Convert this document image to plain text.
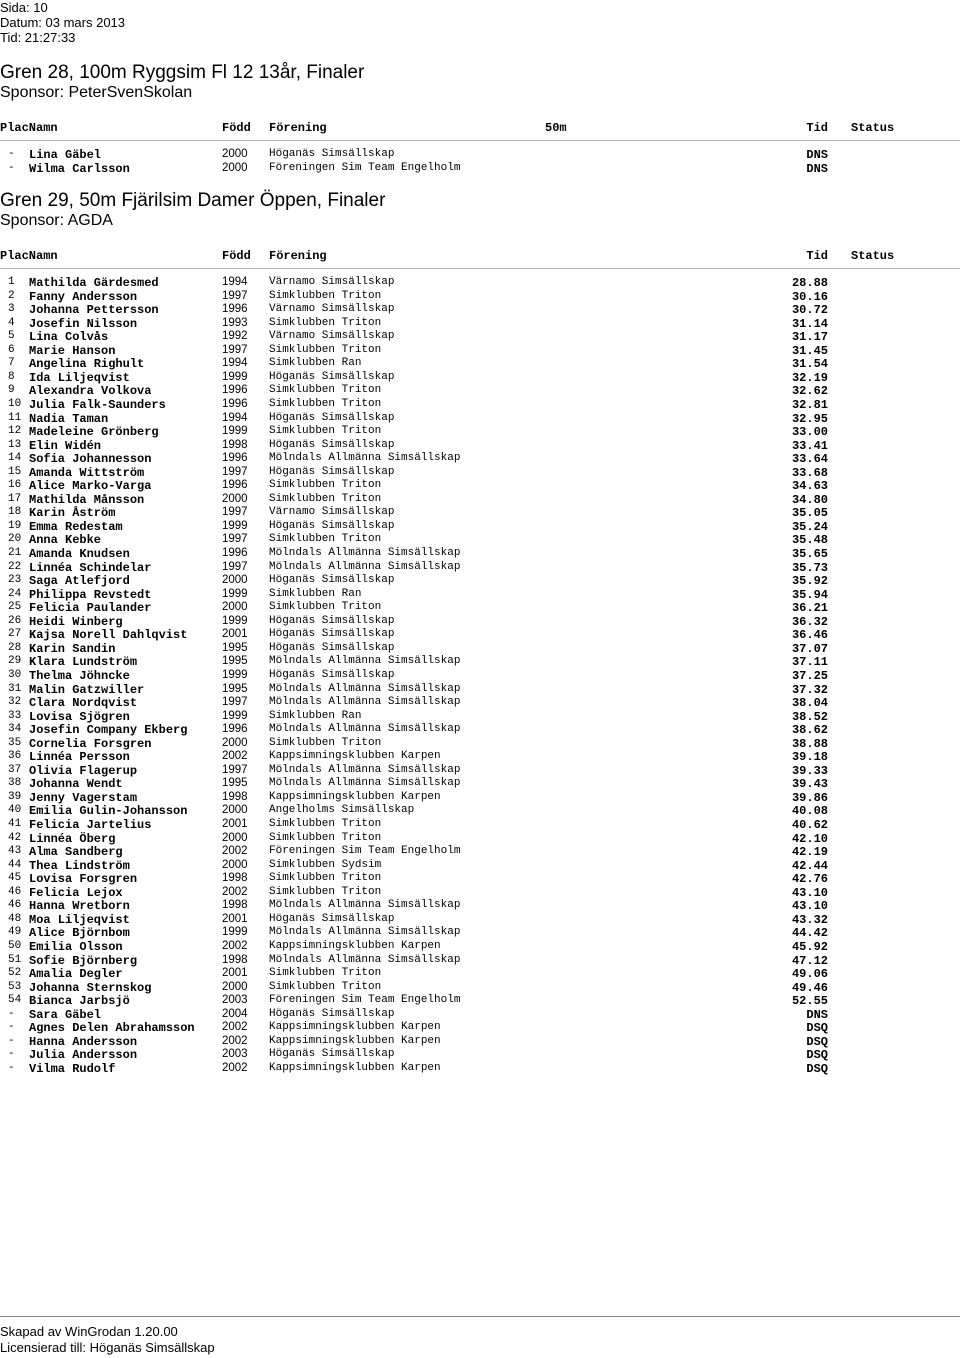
Sida: 10
Datum: 03 mars 2013
Tid: 21:27:33
Gren 28, 100m Ryggsim Fl 12 13år, Finaler
Sponsor: PeterSvenSkolan
PlacNamn	Född Förening	50m	Tid Status
- Lina Gäbel	2000 Höganäs Simsällskap	DNS
- Wilma Carlsson	2000 Föreningen Sim Team Engelholm	DNS
Gren 29, 50m Fjärilsim Damer Öppen, Finaler
Sponsor: AGDA
PlacNamn	Född Förening	Tid Status
1 Mathilda Gärdesmed	1994 Värnamo Simsällskap	28.88
2 Fanny Andersson	1997 Simklubben Triton	30.16
3 Johanna Pettersson	1996 Värnamo Simsällskap	30.72
4 Josefin Nilsson	1993 Simklubben Triton	31.14
5 Lina Colvås	1992 Värnamo Simsällskap	31.17
6 Marie Hanson	1997 Simklubben Triton	31.45
7 Angelina Righult	1994 Simklubben Ran	31.54
8 Ida Liljeqvist	1999 Höganäs Simsällskap	32.19
9 Alexandra Volkova	1996 Simklubben Triton	32.62
10 Julia Falk-Saunders	1996 Simklubben Triton	32.81
11 Nadia Taman	1994 Höganäs Simsällskap	32.95
12 Madeleine Grönberg	1999 Simklubben Triton	33.00
13 Elin Widén	1998 Höganäs Simsällskap	33.41
14 Sofia Johannesson	1996 Mölndals Allmänna Simsällskap	33.64
15 Amanda Wittström	1997 Höganäs Simsällskap	33.68
16 Alice Marko-Varga	1996 Simklubben Triton	34.63
17 Mathilda Månsson	2000 Simklubben Triton	34.80
18 Karin Åström	1997 Värnamo Simsällskap	35.05
19 Emma Redestam	1999 Höganäs Simsällskap	35.24
20 Anna Kebke	1997 Simklubben Triton	35.48
21 Amanda Knudsen	1996 Mölndals Allmänna Simsällskap	35.65
22 Linnéa Schindelar	1997 Mölndals Allmänna Simsällskap	35.73
23 Saga Atlefjord	2000 Höganäs Simsällskap	35.92
24 Philippa Revstedt	1999 Simklubben Ran	35.94
25 Felicia Paulander	2000 Simklubben Triton	36.21
26 Heidi Winberg	1999 Höganäs Simsällskap	36.32
27 Kajsa Norell Dahlqvist	2001 Höganäs Simsällskap	36.46
28 Karin Sandin	1995 Höganäs Simsällskap	37.07
29 Klara Lundström	1995 Mölndals Allmänna Simsällskap	37.11
30 Thelma Jöhncke	1999 Höganäs Simsällskap	37.25
31 Malin Gatzwiller	1995 Mölndals Allmänna Simsällskap	37.32
32 Clara Nordqvist	1997 Mölndals Allmänna Simsällskap	38.04
33 Lovisa Sjögren	1999 Simklubben Ran	38.52
34 Josefin Company Ekberg	1996 Mölndals Allmänna Simsällskap	38.62
35 Cornelia Forsgren	2000 Simklubben Triton	38.88
36 Linnéa Persson	2002 Kappsimningsklubben Karpen	39.18
37 Olivia Flagerup	1997 Mölndals Allmänna Simsällskap	39.33
38 Johanna Wendt	1995 Mölndals Allmänna Simsällskap	39.43
39 Jenny Vagerstam	1998 Kappsimningsklubben Karpen	39.86
40 Emilia Gulin-Johansson	2000 Ängelholms Simsällskap	40.08
41 Felicia Jartelius	2001 Simklubben Triton	40.62
42 Linnéa Öberg	2000 Simklubben Triton	42.10
43 Alma Sandberg	2002 Föreningen Sim Team Engelholm	42.19
44 Thea Lindström	2000 Simklubben Sydsim	42.44
45 Lovisa Forsgren	1998 Simklubben Triton	42.76
46 Felicia Lejox	2002 Simklubben Triton	43.10
46 Hanna Wretborn	1998 Mölndals Allmänna Simsällskap	43.10
48 Moa Liljeqvist	2001 Höganäs Simsällskap	43.32
49 Alice Björnbom	1999 Mölndals Allmänna Simsällskap	44.42
50 Emilia Olsson	2002 Kappsimningsklubben Karpen	45.92
51 Sofie Björnberg	1998 Mölndals Allmänna Simsällskap	47.12
52 Amalia Degler	2001 Simklubben Triton	49.06
53 Johanna Sternskog	2000 Simklubben Triton	49.46
54 Bianca Jarbsjö	2003 Föreningen Sim Team Engelholm	52.55
- Sara Gäbel	2004 Höganäs Simsällskap	DNS
- Agnes Delen Abrahamsson 2002 Kappsimningsklubben Karpen	DSQ
- Hanna Andersson	2002 Kappsimningsklubben Karpen	DSQ
- Julia Andersson	2003 Höganäs Simsällskap	DSQ
- Vilma Rudolf	2002 Kappsimningsklubben Karpen	DSQ
Skapad av WinGrodan 1.20.00
Licensierad till: Höganäs Simsällskap
